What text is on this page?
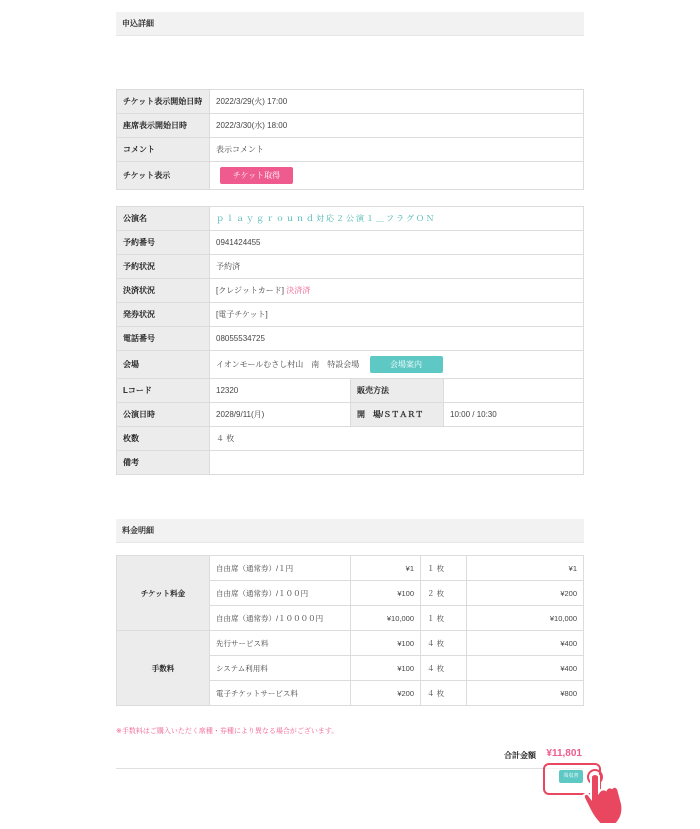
申込詳細
チケット表示開始日時	2022/3/29(火) 17:00
座席表示開始日時	2022/3/30(水) 18:00
コメント	表示コメント
チケット表示	チケット取得
公演名	ｐｌａｙｇｒｏｕｎｄ対応２公演１＿フラグＯＮ		
予約番号	0941424455		
予約状況	予約済		
決済状況	[クレジットカード] 決済済		
発券状況	[電子チケット]		
電話番号	08055534725		
会場	イオンモールむさし村山　南　特設会場 会場案内		
Lコード	12320	販売方法	
公演日時	2028/9/11(月)	開　場/ＳＴＡＲＴ	10:00 / 10:30
枚数	４ 枚		
備考			
料金明細
チケット料金	自由席（通常券）/１円	¥1	１ 枚	¥1
	自由席（通常券）/１００円	¥100	２ 枚	¥200
	自由席（通常券）/１００００円	¥10,000	１ 枚	¥10,000
手数料	先行サービス料	¥100	４ 枚	¥400
	システム利用料	¥100	４ 枚	¥400
	電子チケットサービス料	¥200	４ 枚	¥800
※手数料はご購入いただく席種・券種により異なる場合がございます。
合計金額 ¥11,801
領収書
